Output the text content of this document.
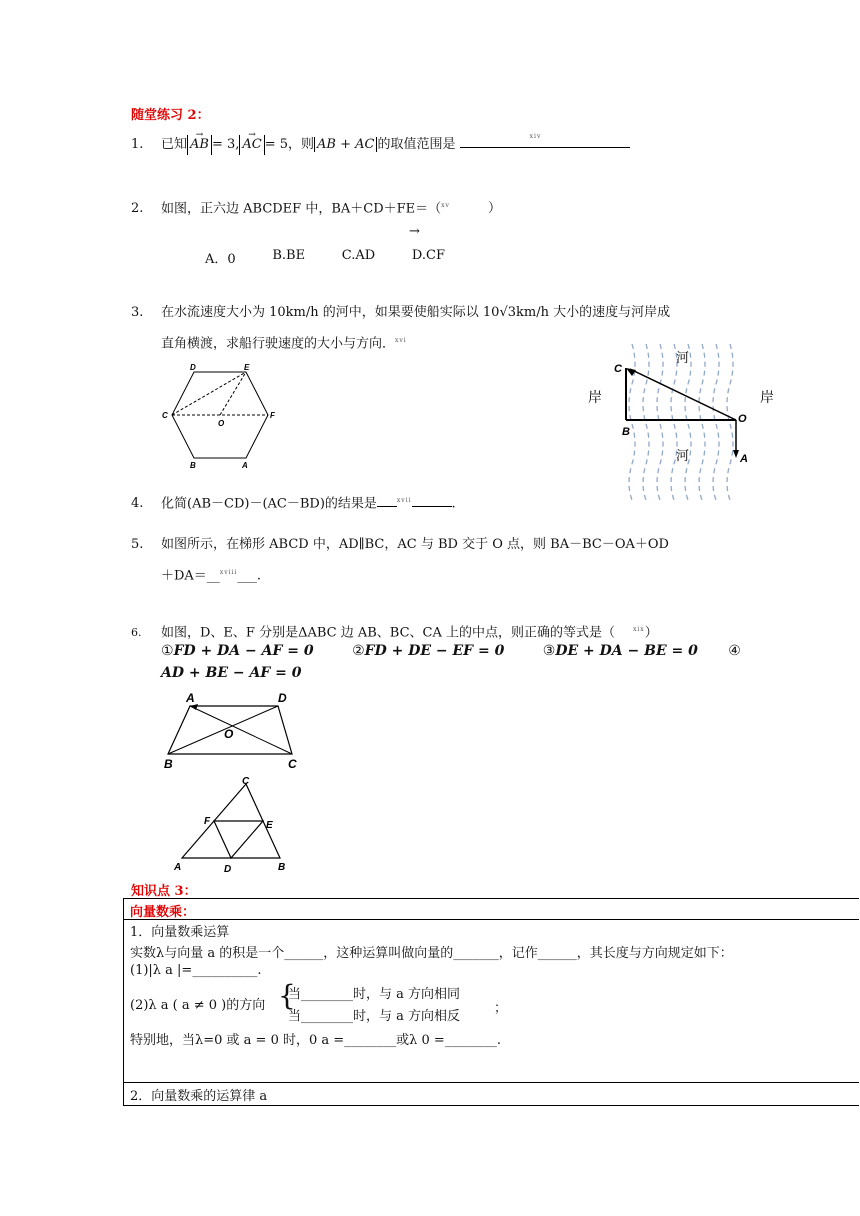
随堂练习 2：
1. 已知 → AB = 3, → AC = 5，则 AB + AC 的取值范围是
xiv
2. 如图，正六边 ABCDEF 中，BA＋CD＋FE＝（$^{xv}$	）
→
A．0	B.BE	C.AD	D.CF
3. 在水流速度大小为 10km/h 的河中，如果要使船实际以 10√3km/h 大小的速度与河岸成
直角横渡，求船行驶速度的大小与方向．$^{xvi}$
D	E
C	F
O
B	A
C
河
岸	岸
O
B
河	A
4. 化简(AB－CD)－(AC－BD)的结果是	$^{xvii}$	.
5. 如图所示，在梯形 ABCD 中，AD∥BC，AC 与 BD 交于 O 点，则 BA－BC－OA＋OD
＋DA＝__$^{xviii}$___.
6. 如图，D、E、F 分别是ΔABC 边 AB、BC、CA 上的中点，则正确的等式是（	$^{xix}$）
①FD + DA − AF = 0	②FD + DE − EF = 0	③DE + DA − BE = 0 ④
AD + BE − AF = 0
A	D
O
B	C
C
F	E
A	D	B
知识点 3：
向量数乘：
1．向量数乘运算
实数λ与向量 a 的积是一个______，这种运算叫做向量的_______，记作______，其长度与方向规定如下：
(1)|λ a |=__________.
(2)λ a ( a ≠ 0 )的方向 {
当________时，与 a 方向相同
当________时，与 a 方向相反
；
特别地，当λ=0 或 a = 0 时，0 a =________或λ 0 =________.
2．向量数乘的运算律 a
